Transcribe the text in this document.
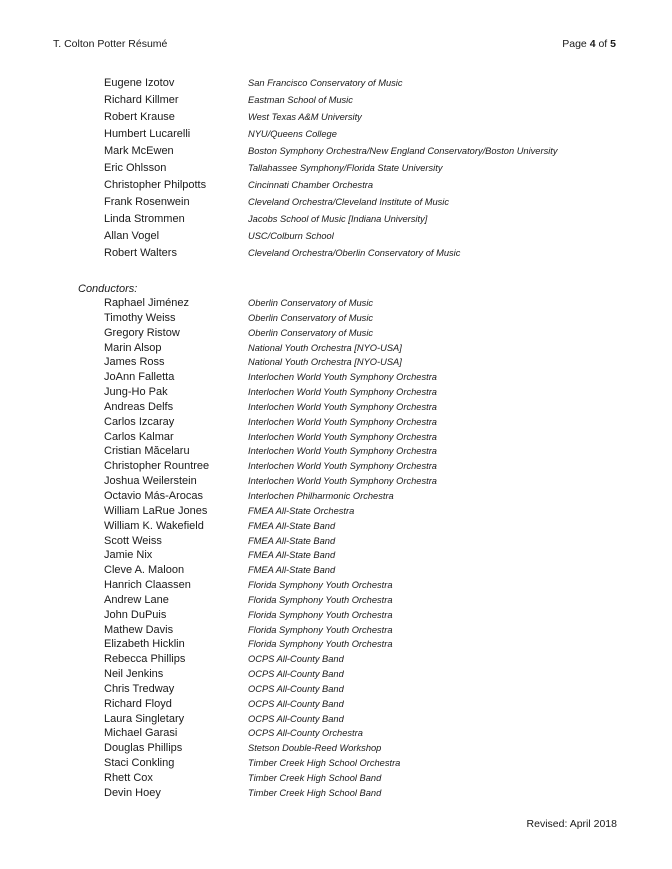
T. Colton Potter Résumé	Page 4 of 5
Eugene Izotov	San Francisco Conservatory of Music
Richard Killmer	Eastman School of Music
Robert Krause	West Texas A&M University
Humbert Lucarelli	NYU/Queens College
Mark McEwen	Boston Symphony Orchestra/New England Conservatory/Boston University
Eric Ohlsson	Tallahassee Symphony/Florida State University
Christopher Philpotts	Cincinnati Chamber Orchestra
Frank Rosenwein	Cleveland Orchestra/Cleveland Institute of Music
Linda Strommen	Jacobs School of Music [Indiana University]
Allan Vogel	USC/Colburn School
Robert Walters	Cleveland Orchestra/Oberlin Conservatory of Music
Conductors:
Raphael Jiménez	Oberlin Conservatory of Music
Timothy Weiss	Oberlin Conservatory of Music
Gregory Ristow	Oberlin Conservatory of Music
Marin Alsop	National Youth Orchestra [NYO-USA]
James Ross	National Youth Orchestra [NYO-USA]
JoAnn Falletta	Interlochen World Youth Symphony Orchestra
Jung-Ho Pak	Interlochen World Youth Symphony Orchestra
Andreas Delfs	Interlochen World Youth Symphony Orchestra
Carlos Izcaray	Interlochen World Youth Symphony Orchestra
Carlos Kalmar	Interlochen World Youth Symphony Orchestra
Cristian Măcelaru	Interlochen World Youth Symphony Orchestra
Christopher Rountree	Interlochen World Youth Symphony Orchestra
Joshua Weilerstein	Interlochen World Youth Symphony Orchestra
Octavio Más-Arocas	Interlochen Philharmonic Orchestra
William LaRue Jones	FMEA All-State Orchestra
William K. Wakefield	FMEA All-State Band
Scott Weiss	FMEA All-State Band
Jamie Nix	FMEA All-State Band
Cleve A. Maloon	FMEA All-State Band
Hanrich Claassen	Florida Symphony Youth Orchestra
Andrew Lane	Florida Symphony Youth Orchestra
John DuPuis	Florida Symphony Youth Orchestra
Mathew Davis	Florida Symphony Youth Orchestra
Elizabeth Hicklin	Florida Symphony Youth Orchestra
Rebecca Phillips	OCPS All-County Band
Neil Jenkins	OCPS All-County Band
Chris Tredway	OCPS All-County Band
Richard Floyd	OCPS All-County Band
Laura Singletary	OCPS All-County Band
Michael Garasi	OCPS All-County Orchestra
Douglas Phillips	Stetson Double-Reed Workshop
Staci Conkling	Timber Creek High School Orchestra
Rhett Cox	Timber Creek High School Band
Devin Hoey	Timber Creek High School Band
Revised: April 2018
